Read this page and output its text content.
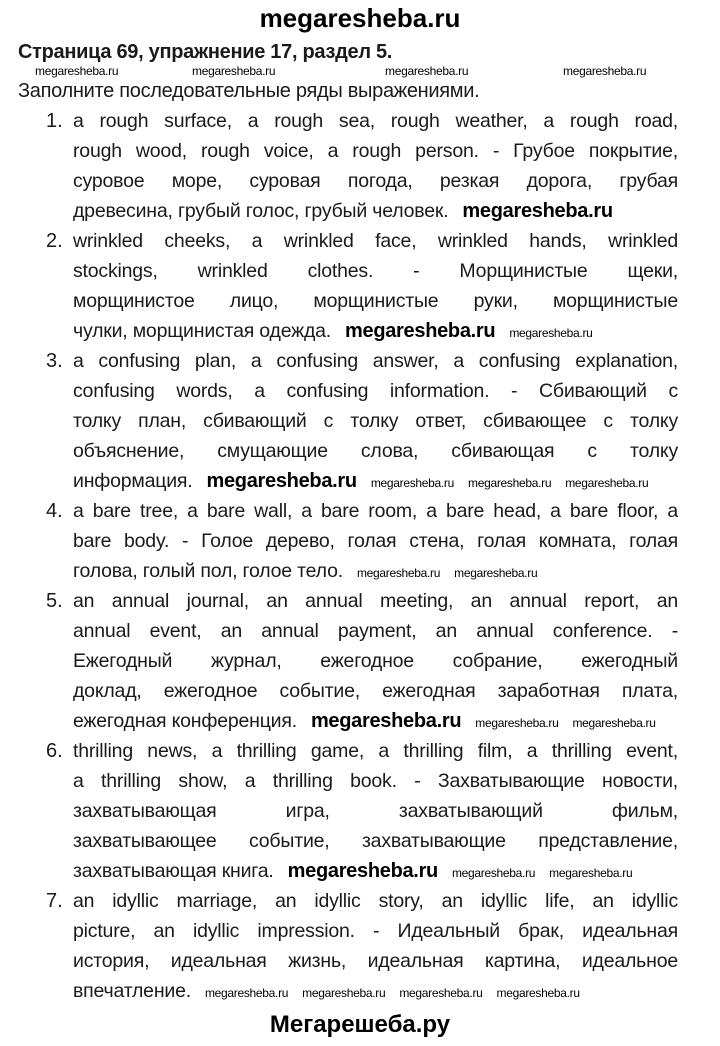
megaresheba.ru
Страница 69, упражнение 17, раздел 5.
megaresheba.ru	megaresheba.ru	megaresheba.ru	megaresheba.ru
Заполните последовательные ряды выражениями.
1. a rough surface, a rough sea, rough weather, a rough road,
rough wood, rough voice, a rough person. - Грубое покрытие,
суровое море, суровая погода, резкая дорога, грубая
древесина, грубый голос, грубый человек. megaresheba.ru
2. wrinkled cheeks, a wrinkled face, wrinkled hands, wrinkled
stockings, wrinkled clothes. - Морщинистые щеки,
морщинистое лицо, морщинистые руки, морщинистые
чулки, морщинистая одежда. megaresheba.ru megaresheba.ru
3. a confusing plan, a confusing answer, a confusing explanation,
confusing words, a confusing information. - Сбивающий с
толку план, сбивающий с толку ответ, сбивающее с толку
объяснение, смущающие слова, сбивающая с толку
информация. megaresheba.ru megaresheba.ru megaresheba.ru megaresheba.ru
4. a bare tree, a bare wall, a bare room, a bare head, a bare floor, a
bare body. - Голое дерево, голая стена, голая комната, голая
голова, голый пол, голое тело. megaresheba.ru megaresheba.ru
5. an annual journal, an annual meeting, an annual report, an
annual event, an annual payment, an annual conference. -
Ежегодный журнал, ежегодное собрание, ежегодный
доклад, ежегодное событие, ежегодная заработная плата,
ежегодная конференция. megaresheba.ru megaresheba.ru megaresheba.ru
6. thrilling news, a thrilling game, a thrilling film, a thrilling event,
a thrilling show, a thrilling book. - Захватывающие новости,
захватывающая игра, захватывающий фильм,
захватывающее событие, захватывающие представление,
захватывающая книга. megaresheba.ru megaresheba.ru megaresheba.ru
7. an idyllic marriage, an idyllic story, an idyllic life, an idyllic
picture, an idyllic impression. - Идеальный брак, идеальная
история, идеальная жизнь, идеальная картина, идеальное
впечатление. megaresheba.ru megaresheba.ru megaresheba.ru megaresheba.ru
Мегарешеба.ру
